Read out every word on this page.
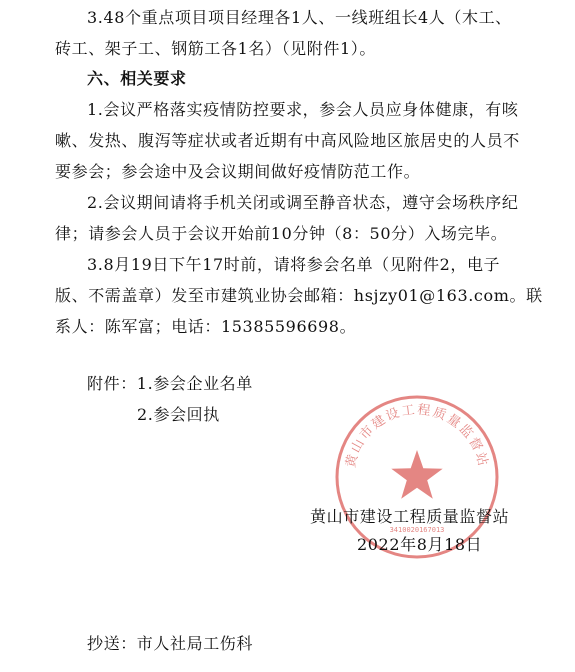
3.48个重点项目项目经理各1人、一线班组长4人（木工、
砖工、架子工、钢筋工各1名）（见附件1）。
六、相关要求
1.会议严格落实疫情防控要求，参会人员应身体健康，有咳
嗽、发热、腹泻等症状或者近期有中高风险地区旅居史的人员不
要参会；参会途中及会议期间做好疫情防范工作。
2.会议期间请将手机关闭或调至静音状态，遵守会场秩序纪
律；请参会人员于会议开始前10分钟（8：50分）入场完毕。
3.8月19日下午17时前，请将参会名单（见附件2，电子
版、不需盖章）发至市建筑业协会邮箱：hsjzy01@163.com。联
系人：陈军富；电话：15385596698。
附件：1.参会企业名单
2.参会回执
黄山市建设工程质量监督站
3410020167013
黄山市建设工程质量监督站
2022年8月18日
抄送：市人社局工伤科
